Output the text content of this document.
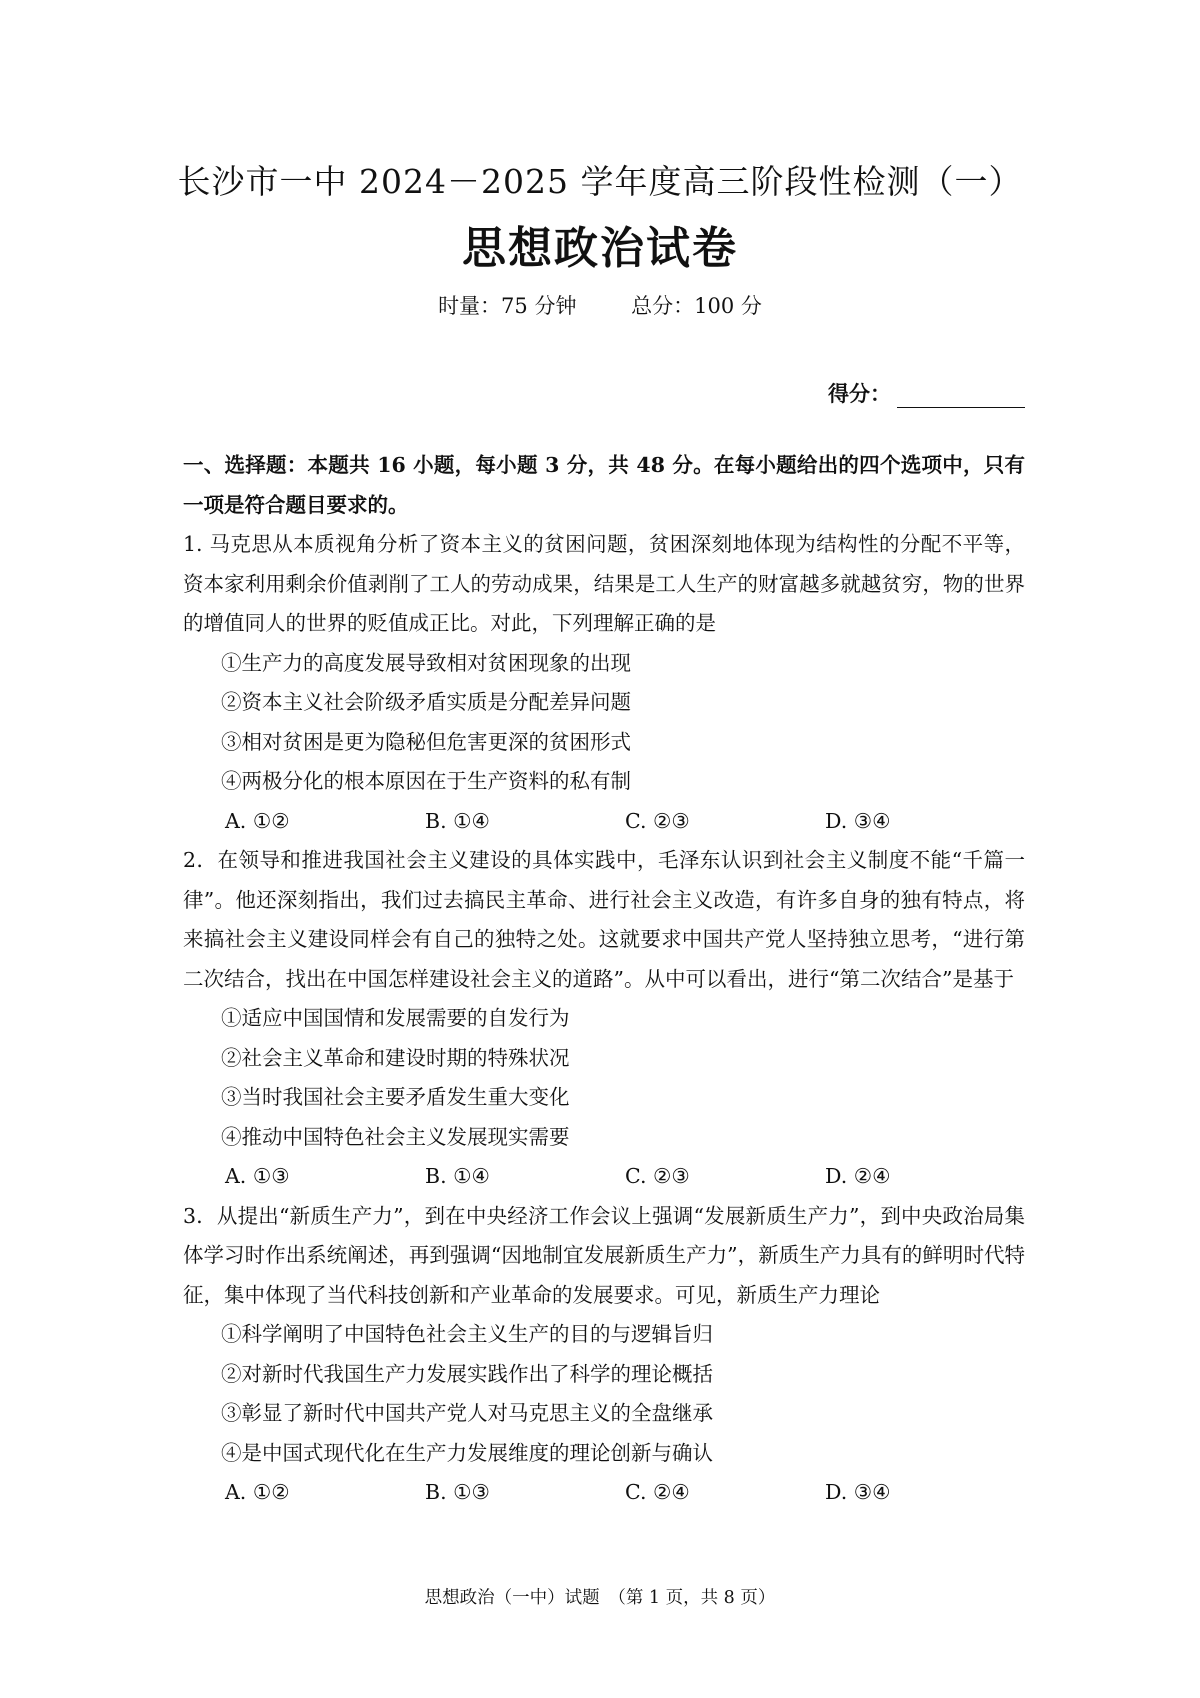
长沙市一中 2024－2025 学年度高三阶段性检测（一）
思想政治试卷
时量：75 分钟	总分：100 分
得分：

一、选择题：本题共 16 小题，每小题 3 分，共 48 分。在每小题给出的四个选项中，只有一项是符合题目要求的。

1. 马克思从本质视角分析了资本主义的贫困问题，贫困深刻地体现为结构性的分配不平等，资本家利用剩余价值剥削了工人的劳动成果，结果是工人生产的财富越多就越贫穷，物的世界的增值同人的世界的贬值成正比。对此，下列理解正确的是

①生产力的高度发展导致相对贫困现象的出现
②资本主义社会阶级矛盾实质是分配差异问题
③相对贫困是更为隐秘但危害更深的贫困形式
④两极分化的根本原因在于生产资料的私有制
A. ①②	B. ①④	C. ②③	D. ③④

2．在领导和推进我国社会主义建设的具体实践中，毛泽东认识到社会主义制度不能“千篇一律”。他还深刻指出，我们过去搞民主革命、进行社会主义改造，有许多自身的独有特点，将来搞社会主义建设同样会有自己的独特之处。这就要求中国共产党人坚持独立思考，“进行第二次结合，找出在中国怎样建设社会主义的道路”。从中可以看出，进行“第二次结合”是基于

①适应中国国情和发展需要的自发行为
②社会主义革命和建设时期的特殊状况
③当时我国社会主要矛盾发生重大变化
④推动中国特色社会主义发展现实需要
A. ①③	B. ①④	C. ②③	D. ②④

3．从提出“新质生产力”，到在中央经济工作会议上强调“发展新质生产力”，到中央政治局集体学习时作出系统阐述，再到强调“因地制宜发展新质生产力”，新质生产力具有的鲜明时代特征，集中体现了当代科技创新和产业革命的发展要求。可见，新质生产力理论

①科学阐明了中国特色社会主义生产的目的与逻辑旨归
②对新时代我国生产力发展实践作出了科学的理论概括
③彰显了新时代中国共产党人对马克思主义的全盘继承
④是中国式现代化在生产力发展维度的理论创新与确认
A. ①②	B. ①③	C. ②④	D. ③④
思想政治（一中）试题　（第 1 页，共 8 页）
